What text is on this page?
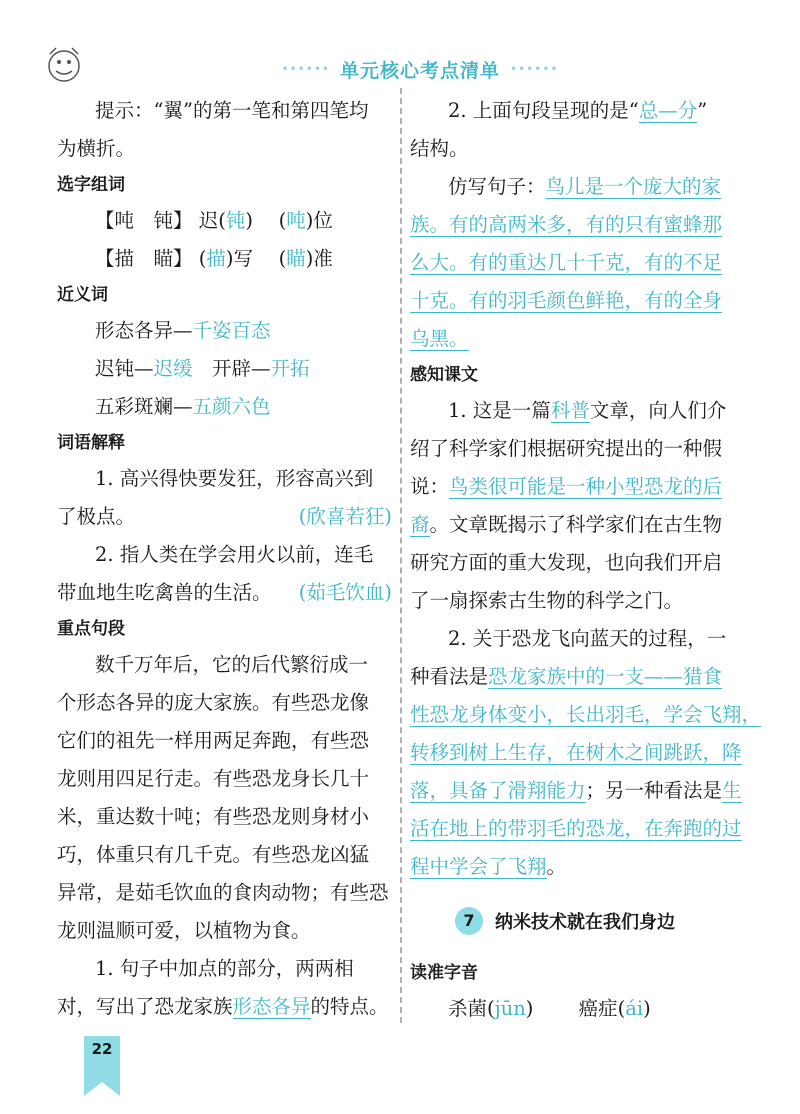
•••••• 单元核心考点清单 ••••••
提示：“翼”的第一笔和第四笔均
为横折。
选字组词
【吨　钝】 迟(钝) 　 (吨)位
【描　瞄】 (描)写 　 (瞄)准
近义词
形态各异—千姿百态
迟钝—迟缓　 开辟—开拓
五彩斑斓—五颜六色
词语解释
1. 高兴得快要发狂，形容高兴到
了极点。	(欣喜若狂)
2. 指人类在学会用火以前，连毛
带血地生吃禽兽的生活。 (茹毛饮血)
重点句段
数千万年后，它的后代繁衍成一
个形态各异的庞大家族。有些恐龙像
它们的祖先一样用两足奔跑，有些恐
龙则用四足行走。有些恐龙身长几十
米，重达数十吨；有些恐龙则身材小
巧，体重只有几千克。有些恐龙凶猛
异常，是茹毛饮血的食肉动物；有些恐
龙则温顺可爱，以植物为食。
1. 句子中加点的部分，两两相
对，写出了恐龙家族形态各异的特点。
2. 上面句段呈现的是“总—分”
结构。
仿写句子：鸟儿是一个庞大的家
族。有的高两米多，有的只有蜜蜂那
么大。有的重达几十千克，有的不足
十克。有的羽毛颜色鲜艳，有的全身
乌黑。
感知课文
1. 这是一篇科普文章，向人们介
绍了科学家们根据研究提出的一种假
说：鸟类很可能是一种小型恐龙的后
裔。文章既揭示了科学家们在古生物
研究方面的重大发现，也向我们开启
了一扇探索古生物的科学之门。
2. 关于恐龙飞向蓝天的过程，一
种看法是恐龙家族中的一支——猎食
性恐龙身体变小，长出羽毛，学会飞翔，
转移到树上生存，在树木之间跳跃，降
落，具备了滑翔能力；另一种看法是生
活在地上的带羽毛的恐龙，在奔跑的过
程中学会了飞翔。
7	纳米技术就在我们身边
读准字音
杀菌(jūn) 　　癌症(ái)
22
